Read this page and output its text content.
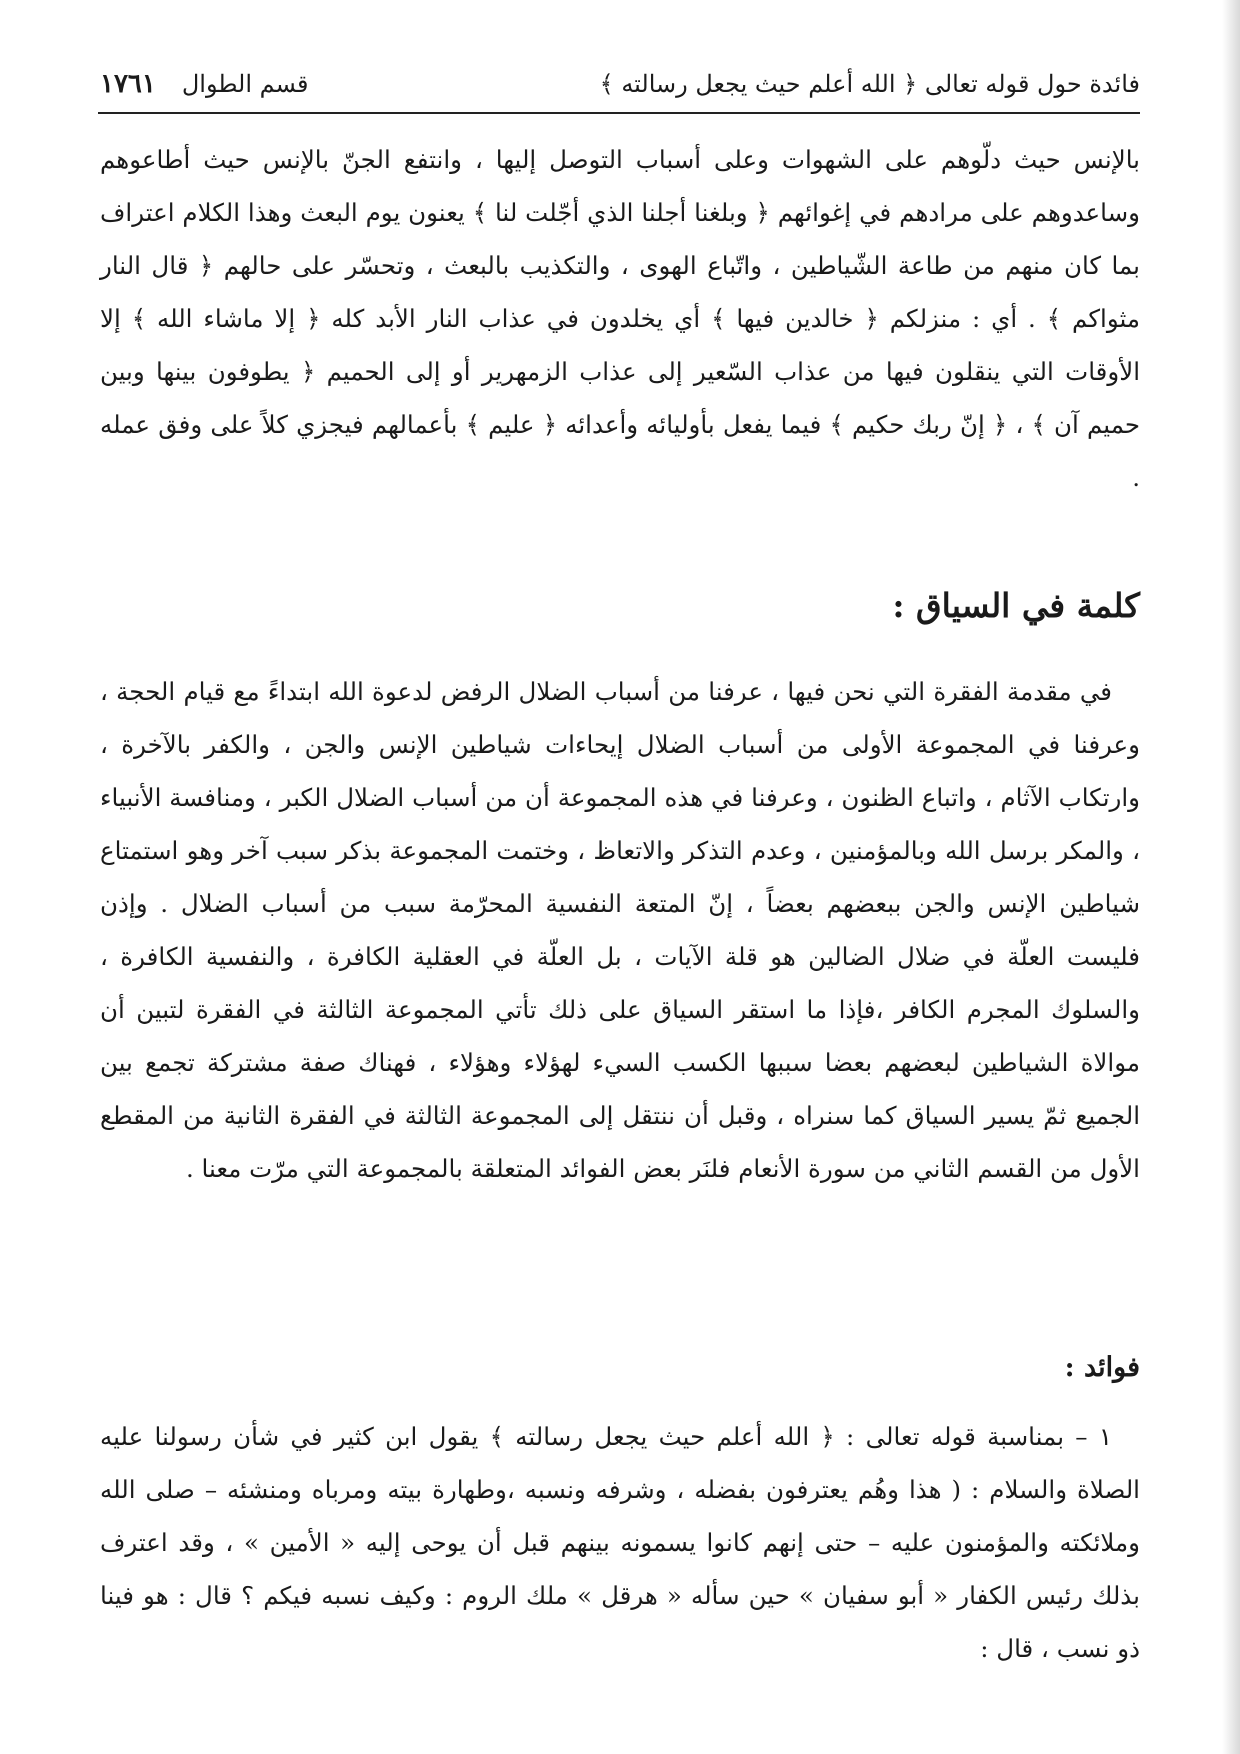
فائدة حول قوله تعالى ﴿ الله أعلم حيث يجعل رسالته ﴾
قسم الطوال
١٧٦١

بالإنس حيث دلّوهم على الشهوات وعلى أسباب التوصل إليها ، وانتفع الجنّ بالإنس حيث أطاعوهم وساعدوهم على مرادهم في إغوائهم ﴿ وبلغنا أجلنا الذي أجّلت لنا ﴾ يعنون يوم البعث وهذا الكلام اعتراف بما كان منهم من طاعة الشّياطين ، واتّباع الهوى ، والتكذيب بالبعث ، وتحسّر على حالهم ﴿ قال النار مثواكم ﴾ . أي : منزلكم ﴿ خالدين فيها ﴾ أي يخلدون في عذاب النار الأبد كله ﴿ إلا ماشاء الله ﴾ إلا الأوقات التي ينقلون فيها من عذاب السّعير إلى عذاب الزمهرير أو إلى الحميم ﴿ يطوفون بينها وبين حميم آن ﴾ ، ﴿ إنّ ربك حكيم ﴾ فيما يفعل بأوليائه وأعدائه ﴿ عليم ﴾ بأعمالهم فيجزي كلاً على وفق عمله .

كلمة في السياق :

في مقدمة الفقرة التي نحن فيها ، عرفنا من أسباب الضلال الرفض لدعوة الله ابتداءً مع قيام الحجة ، وعرفنا في المجموعة الأولى من أسباب الضلال إيحاءات شياطين الإنس والجن ، والكفر بالآخرة ، وارتكاب الآثام ، واتباع الظنون ، وعرفنا في هذه المجموعة أن من أسباب الضلال الكبر ، ومنافسة الأنبياء ، والمكر برسل الله وبالمؤمنين ، وعدم التذكر والاتعاظ ، وختمت المجموعة بذكر سبب آخر وهو استمتاع شياطين الإنس والجن ببعضهم بعضاً ، إنّ المتعة النفسية المحرّمة سبب من أسباب الضلال . وإذن فليست العلّة في ضلال الضالين هو قلة الآيات ، بل العلّة في العقلية الكافرة ، والنفسية الكافرة ، والسلوك المجرم الكافر ،فإذا ما استقر السياق على ذلك تأتي المجموعة الثالثة في الفقرة لتبين أن موالاة الشياطين لبعضهم بعضا سببها الكسب السيء لهؤلاء وهؤلاء ، فهناك صفة مشتركة تجمع بين الجميع ثمّ يسير السياق كما سنراه ، وقبل أن ننتقل إلى المجموعة الثالثة في الفقرة الثانية من المقطع الأول من القسم الثاني من سورة الأنعام فلنَر بعض الفوائد المتعلقة بالمجموعة التي مرّت معنا .

فوائد :

١ – بمناسبة قوله تعالى : ﴿ الله أعلم حيث يجعل رسالته ﴾ يقول ابن كثير في شأن رسولنا عليه الصلاة والسلام : ( هذا وهُم يعترفون بفضله ، وشرفه ونسبه ،وطهارة بيته ومرباه ومنشئه – صلى الله وملائكته والمؤمنون عليه – حتى إنهم كانوا يسمونه بينهم قبل أن يوحى إليه « الأمين » ، وقد اعترف بذلك رئيس الكفار « أبو سفيان » حين سأله « هرقل » ملك الروم : وكيف نسبه فيكم ؟ قال : هو فينا ذو نسب ، قال :
